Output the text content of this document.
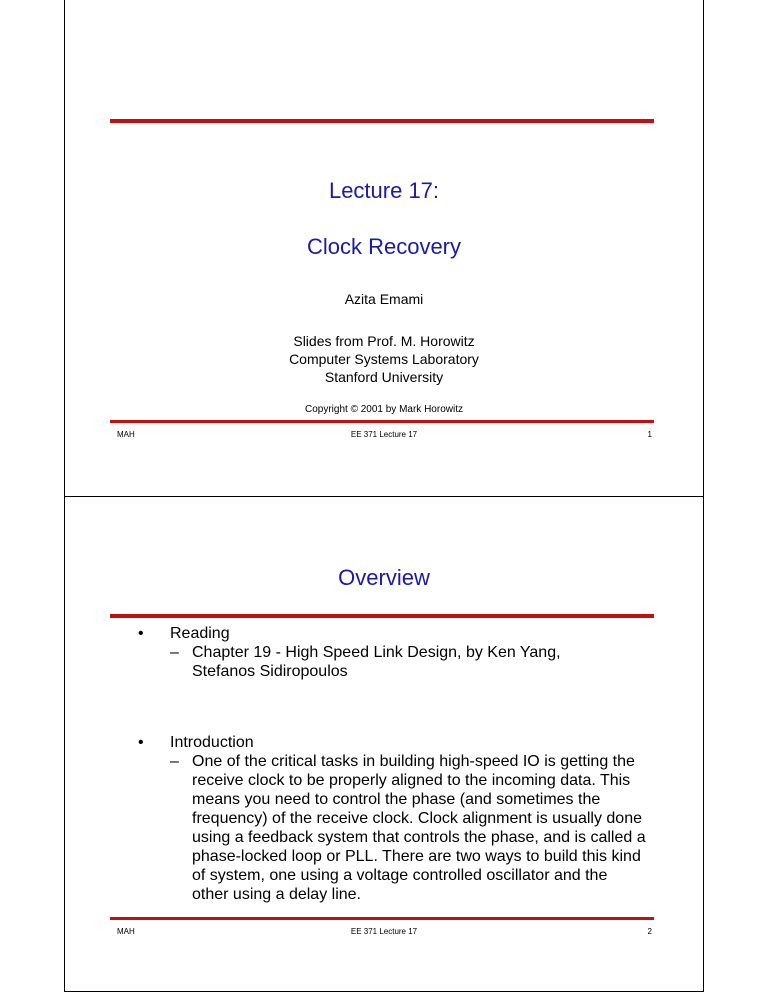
Lecture 17:
Clock Recovery
Azita Emami
Slides from Prof. M. Horowitz
Computer Systems Laboratory
Stanford University
Copyright © 2001 by Mark Horowitz
MAH	EE 371 Lecture 17	1
Overview
• Reading
– Chapter 19 - High Speed Link Design, by Ken Yang, Stefanos Sidiropoulos
• Introduction
– One of the critical tasks in building high-speed IO is getting the receive clock to be properly aligned to the incoming data. This means you need to control the phase (and sometimes the frequency) of the receive clock. Clock alignment is usually done using a feedback system that controls the phase, and is called a phase-locked loop or PLL. There are two ways to build this kind of system, one using a voltage controlled oscillator and the other using a delay line.
MAH	EE 371 Lecture 17	2
